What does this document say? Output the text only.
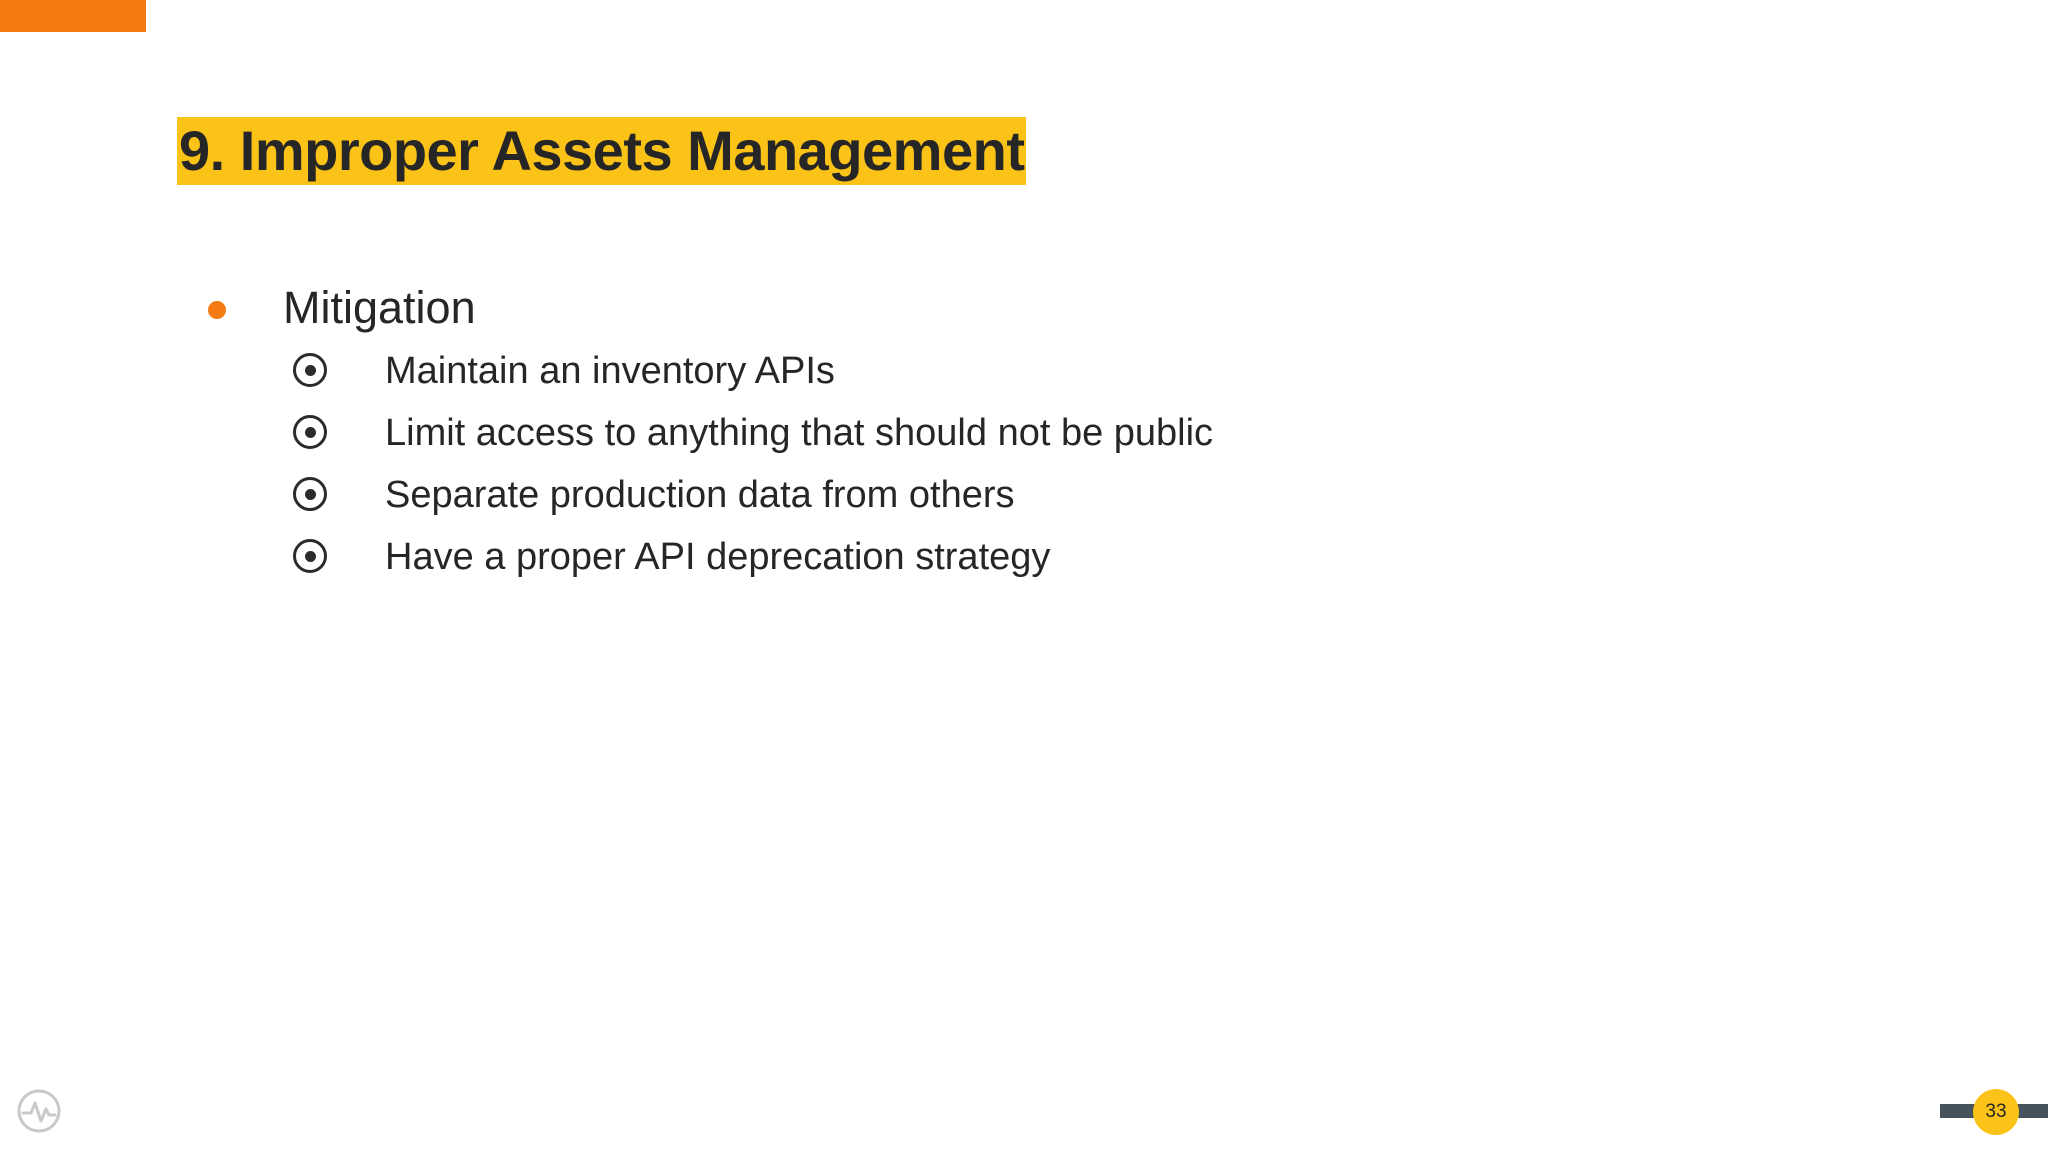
9. Improper Assets Management
Mitigation
Maintain an inventory APIs
Limit access to anything that should not be public
Separate production data from others
Have a proper API deprecation strategy
33
